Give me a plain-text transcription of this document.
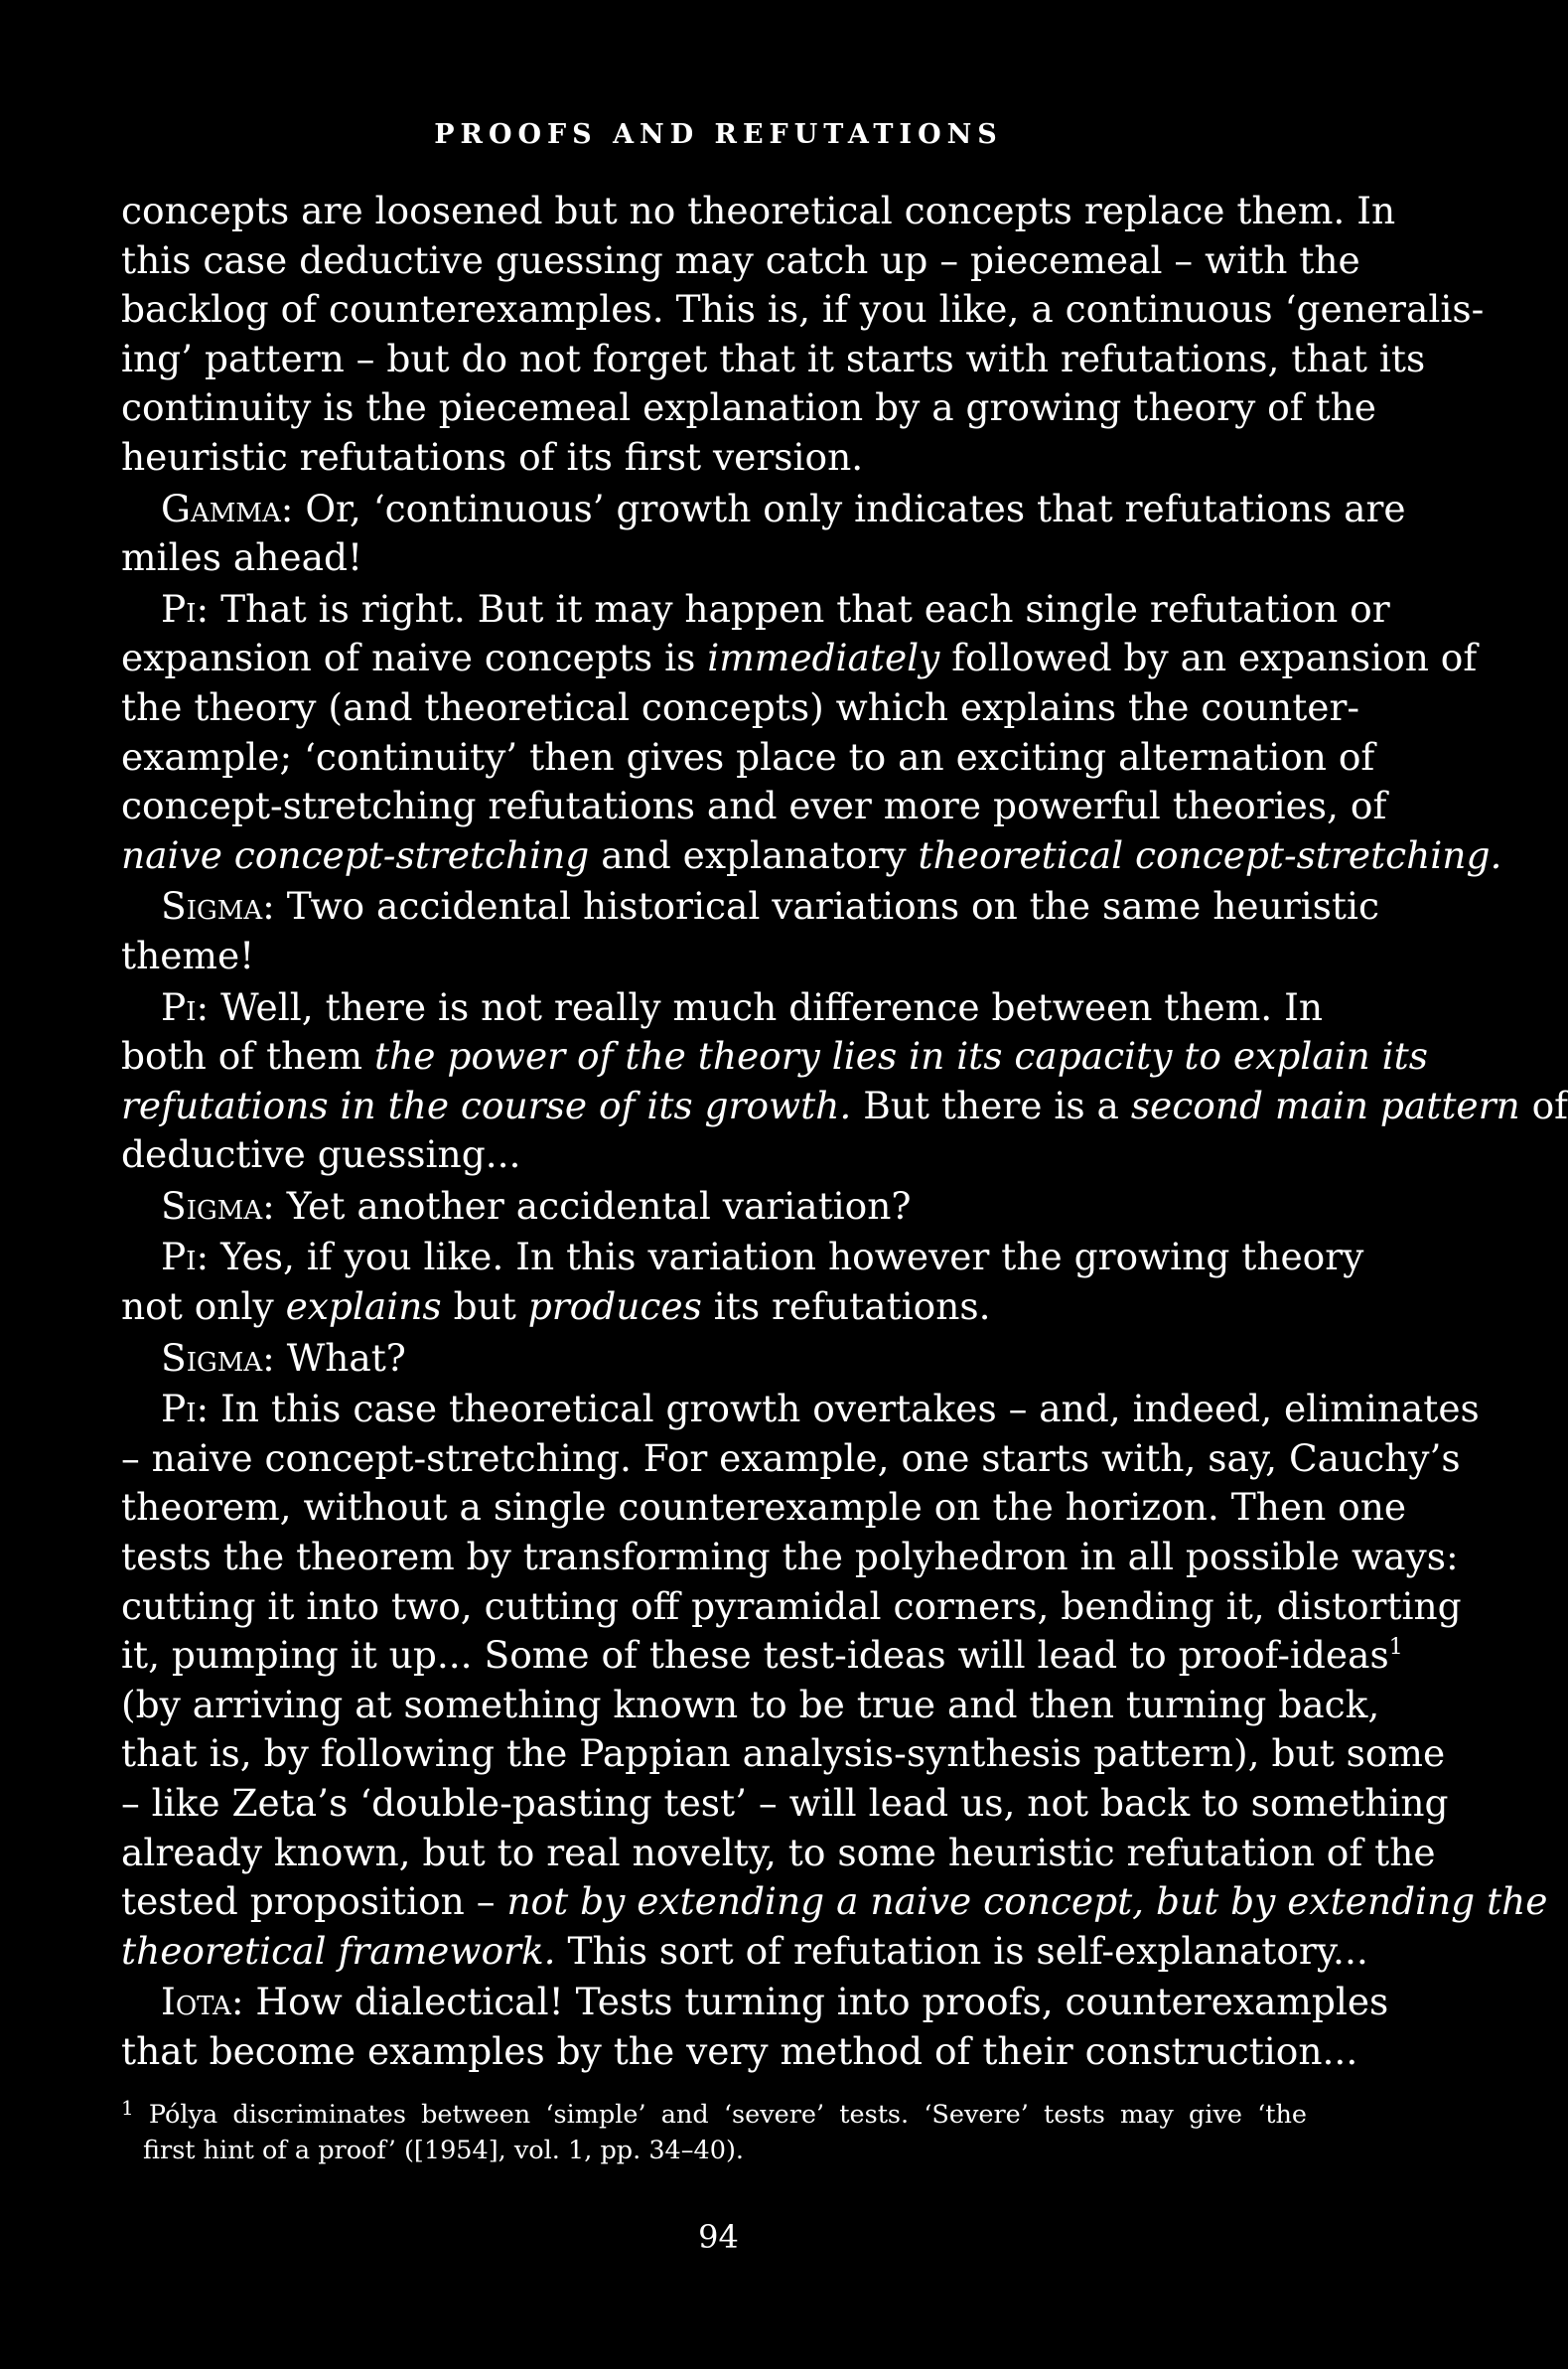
PROOFS AND REFUTATIONS
concepts are loosened but no theoretical concepts replace them. In
this case deductive guessing may catch up – piecemeal – with the
backlog of counterexamples. This is, if you like, a continuous ‘generalis-
ing’ pattern – but do not forget that it starts with refutations, that its
continuity is the piecemeal explanation by a growing theory of the
heuristic refutations of its first version.
Gamma: Or, ‘continuous’ growth only indicates that refutations are
miles ahead!
Pi: That is right. But it may happen that each single refutation or
expansion of naive concepts is immediately followed by an expansion of
the theory (and theoretical concepts) which explains the counter-
example; ‘continuity’ then gives place to an exciting alternation of
concept-stretching refutations and ever more powerful theories, of
naive concept-stretching and explanatory theoretical concept-stretching.
Sigma: Two accidental historical variations on the same heuristic
theme!
Pi: Well, there is not really much difference between them. In
both of them the power of the theory lies in its capacity to explain its
refutations in the course of its growth. But there is a second main pattern of
deductive guessing...
Sigma: Yet another accidental variation?
Pi: Yes, if you like. In this variation however the growing theory
not only explains but produces its refutations.
Sigma: What?
Pi: In this case theoretical growth overtakes – and, indeed, eliminates
– naive concept-stretching. For example, one starts with, say, Cauchy’s
theorem, without a single counterexample on the horizon. Then one
tests the theorem by transforming the polyhedron in all possible ways:
cutting it into two, cutting off pyramidal corners, bending it, distorting
it, pumping it up... Some of these test-ideas will lead to proof-ideas$^1$
(by arriving at something known to be true and then turning back,
that is, by following the Pappian analysis-synthesis pattern), but some
– like Zeta’s ‘double-pasting test’ – will lead us, not back to something
already known, but to real novelty, to some heuristic refutation of the
tested proposition – not by extending a naive concept, but by extending the
theoretical framework. This sort of refutation is self-explanatory...
Iota: How dialectical! Tests turning into proofs, counterexamples
that become examples by the very method of their construction...
$^1$ Pólya discriminates between ‘simple’ and ‘severe’ tests. ‘Severe’ tests may give ‘the
first hint of a proof’ ([1954], vol. 1, pp. 34–40).
94
